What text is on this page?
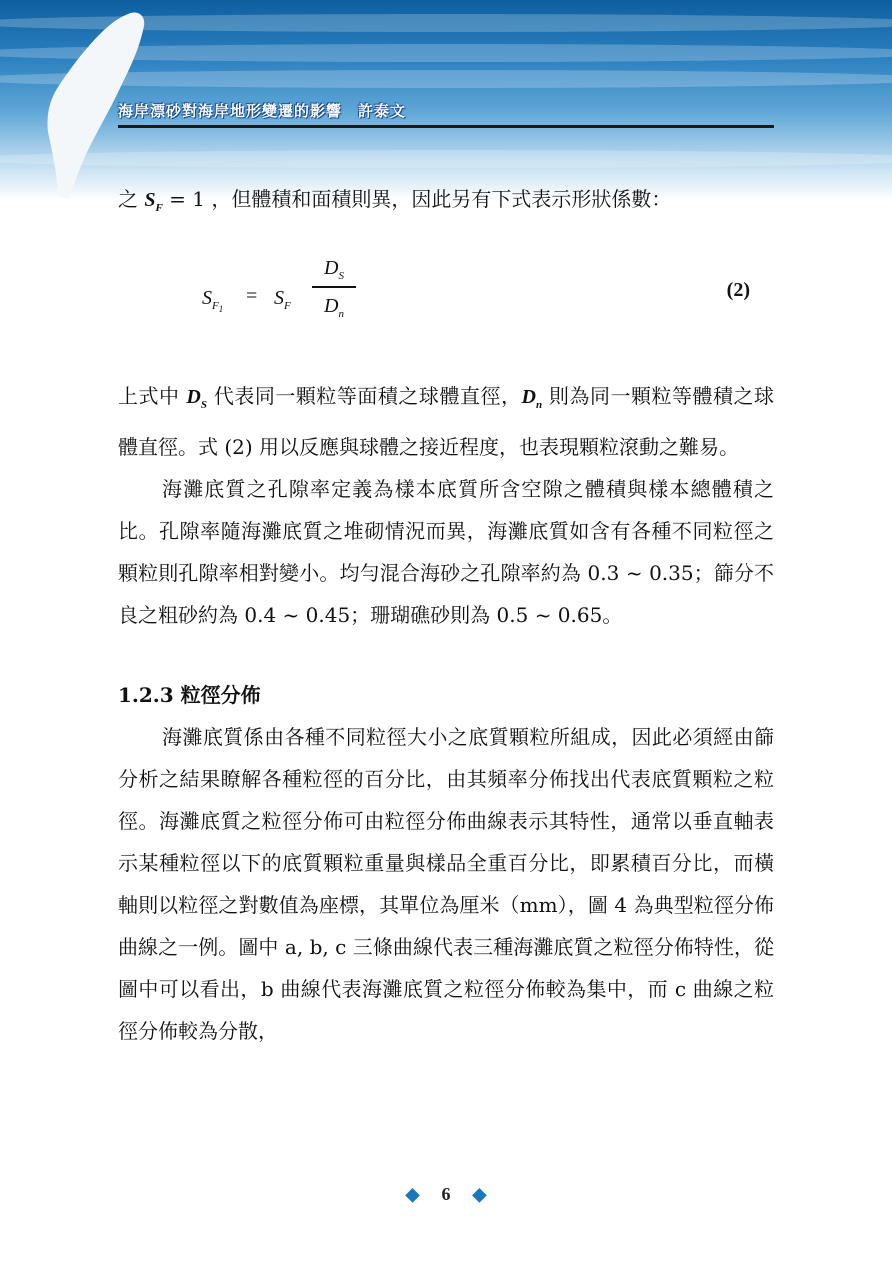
海岸漂砂對海岸地形變遷的影響　許泰文

之 $S_F = 1$ ，但體積和面積則異，因此另有下式表示形狀係數：

$S_{F_1}$
= $S_F$
$D_S$
$D_n$
(2)

上式中 $D_S$ 代表同一顆粒等面積之球體直徑，$D_n$ 則為同一顆粒等體積之球體直徑。式 (2) 用以反應與球體之接近程度，也表現顆粒滾動之難易。

海灘底質之孔隙率定義為樣本底質所含空隙之體積與樣本總體積之比。孔隙率隨海灘底質之堆砌情況而異，海灘底質如含有各種不同粒徑之顆粒則孔隙率相對變小。均勻混合海砂之孔隙率約為 0.3 ~ 0.35；篩分不良之粗砂約為 0.4 ~ 0.45；珊瑚礁砂則為 0.5 ~ 0.65。

1.2.3 粒徑分佈

海灘底質係由各種不同粒徑大小之底質顆粒所組成，因此必須經由篩分析之結果瞭解各種粒徑的百分比，由其頻率分佈找出代表底質顆粒之粒徑。海灘底質之粒徑分佈可由粒徑分佈曲線表示其特性，通常以垂直軸表示某種粒徑以下的底質顆粒重量與樣品全重百分比，即累積百分比，而橫軸則以粒徑之對數值為座標，其單位為厘米（mm），圖 4 為典型粒徑分佈曲線之一例。圖中 a, b, c 三條曲線代表三種海灘底質之粒徑分佈特性，從圖中可以看出，b 曲線代表海灘底質之粒徑分佈較為集中，而 c 曲線之粒徑分佈較為分散，

◆ 6 ◆
